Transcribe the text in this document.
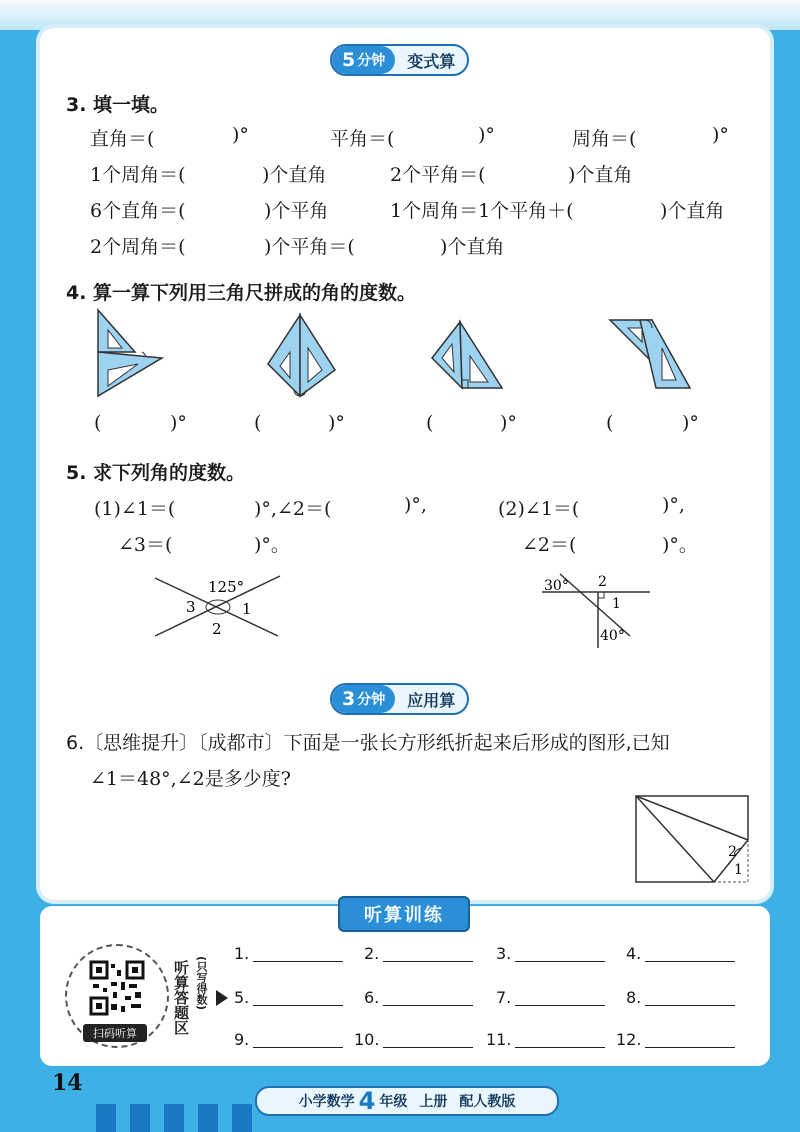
5 分钟	变式算
3. 填一填。
直角＝(	)°	平角＝(	)°	周角＝(	)°
1个周角＝(	)个直角	2个平角＝(	)个直角
6个直角＝(	)个平角	1个周角＝1个平角＋(	)个直角
2个周角＝(	)个平角＝(	)个直角
4. 算一算下列用三角尺拼成的角的度数。
(	)°	(	)°	(	)°	(	)°
5. 求下列角的度数。
(1)∠1＝(	)°,∠2＝(	)°,
∠3＝(	)°。
(2)∠1＝(	)°,
∠2＝(	)°。
125°
1
2
3
30° 2
1
40°
3 分钟	应用算
6.〔思维提升〕〔成都市〕下面是一张长方形纸折起来后形成的图形,已知
∠1＝48°,∠2是多少度?
2
1
听算训练
扫码听算	听算答题区 (只写得数)
1.	2.	3.	4.
5.	6.	7.	8.
9.	10.	11.	12.
14
小学数学 4 年级 上册 配人教版
